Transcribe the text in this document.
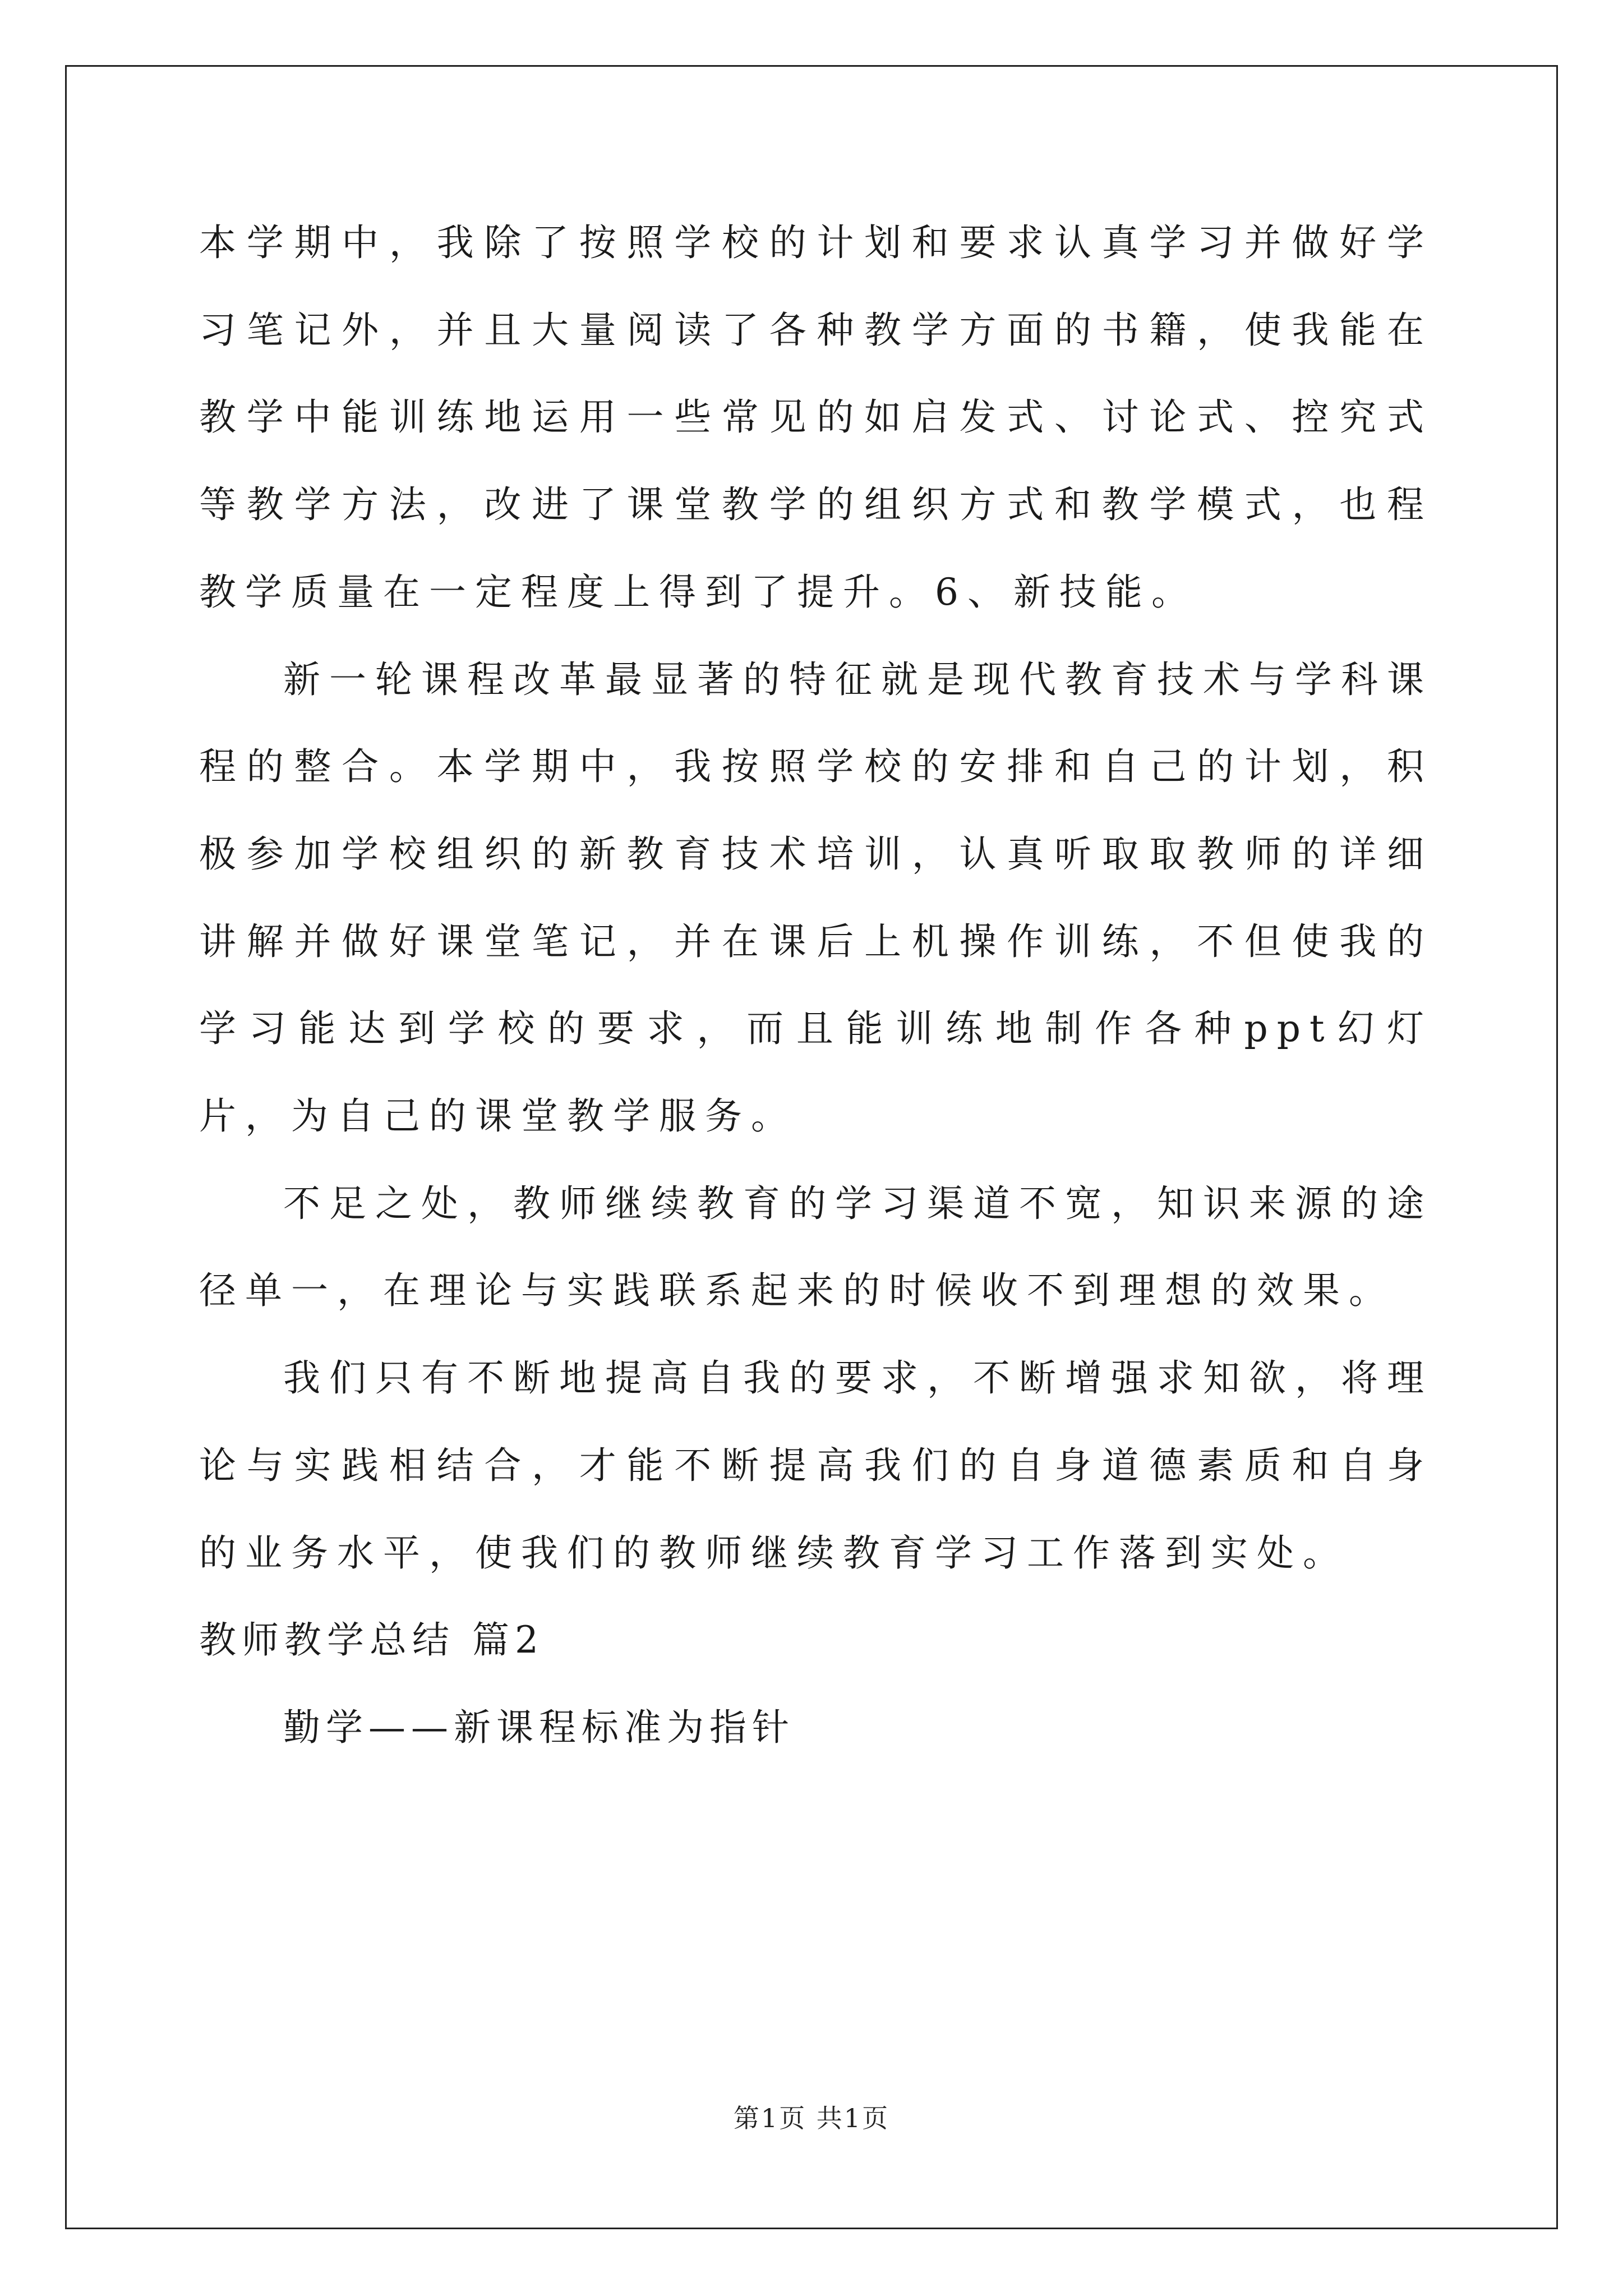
本学期中，我除了按照学校的计划和要求认真学习并做好学习笔记外，并且大量阅读了各种教学方面的书籍，使我能在教学中能训练地运用一些常见的如启发式、讨论式、控究式等教学方法，改进了课堂教学的组织方式和教学模式，也程教学质量在一定程度上得到了提升。6、新技能。

新一轮课程改革最显著的特征就是现代教育技术与学科课程的整合。本学期中，我按照学校的安排和自己的计划，积极参加学校组织的新教育技术培训，认真听取取教师的详细讲解并做好课堂笔记，并在课后上机操作训练，不但使我的学习能达到学校的要求，而且能训练地制作各种ppt幻灯片，为自己的课堂教学服务。

不足之处，教师继续教育的学习渠道不宽，知识来源的途径单一，在理论与实践联系起来的时候收不到理想的效果。

我们只有不断地提高自我的要求，不断增强求知欲，将理论与实践相结合，才能不断提高我们的自身道德素质和自身的业务水平，使我们的教师继续教育学习工作落到实处。

教师教学总结 篇2

勤学——新课程标准为指针

第1页 共1页
